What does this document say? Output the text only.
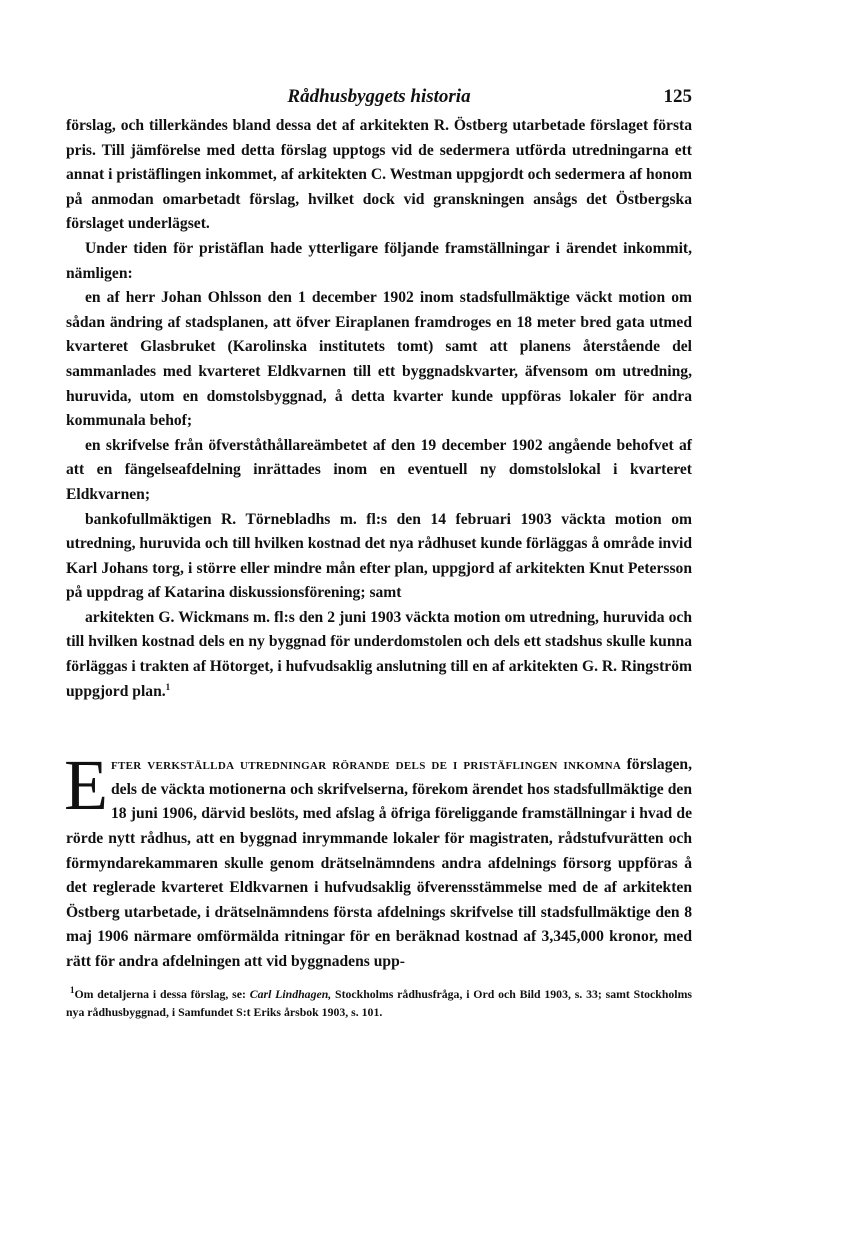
Rådhusbyggets historia	125

förslag, och tillerkändes bland dessa det af arkitekten R. Östberg utarbetade förslaget första pris. Till jämförelse med detta förslag upptogs vid de sedermera utförda utredningarna ett annat i pristäflingen inkommet, af arkitekten C. Westman uppgjordt och sedermera af honom på anmodan omarbetadt förslag, hvilket dock vid granskningen ansågs det Östbergska förslaget underlägset.

Under tiden för pristäflan hade ytterligare följande framställningar i ärendet inkommit, nämligen:

en af herr Johan Ohlsson den 1 december 1902 inom stadsfullmäktige väckt motion om sådan ändring af stadsplanen, att öfver Eiraplanen framdroges en 18 meter bred gata utmed kvarteret Glasbruket (Karolinska institutets tomt) samt att planens återstående del sammanlades med kvarteret Eldkvarnen till ett byggnadskvarter, äfvensom om utredning, huruvida, utom en domstolsbyggnad, å detta kvarter kunde uppföras lokaler för andra kommunala behof;

en skrifvelse från öfverståthållareämbetet af den 19 december 1902 angående behofvet af att en fängelseafdelning inrättades inom en eventuell ny domstolslokal i kvarteret Eldkvarnen;

bankofullmäktigen R. Törnebladhs m. fl:s den 14 februari 1903 väckta motion om utredning, huruvida och till hvilken kostnad det nya rådhuset kunde förläggas å område invid Karl Johans torg, i större eller mindre mån efter plan, uppgjord af arkitekten Knut Petersson på uppdrag af Katarina diskussionsförening; samt

arkitekten G. Wickmans m. fl:s den 2 juni 1903 väckta motion om utredning, huruvida och till hvilken kostnad dels en ny byggnad för underdomstolen och dels ett stadshus skulle kunna förläggas i trakten af Hötorget, i hufvudsaklig anslutning till en af arkitekten G. R. Ringström uppgjord plan.$^1$

Efter verkställda utredningar rörande dels de i pristäflingen inkomna förslagen, dels de väckta motionerna och skrifvelserna, förekom ärendet hos stadsfullmäktige den 18 juni 1906, därvid beslöts, med afslag å öfriga föreliggande framställningar i hvad de rörde nytt rådhus, att en byggnad inrymmande lokaler för magistraten, rådstufvurätten och förmyndarekammaren skulle genom drätselnämndens andra afdelnings försorg uppföras å det reglerade kvarteret Eldkvarnen i hufvudsaklig öfverensstämmelse med de af arkitekten Östberg utarbetade, i drätselnämndens första afdelnings skrifvelse till stadsfullmäktige den 8 maj 1906 närmare omförmälda ritningar för en beräknad kostnad af 3,345,000 kronor, med rätt för andra afdelningen att vid byggnadens upp-
$^1$Om detaljerna i dessa förslag, se: Carl Lindhagen, Stockholms rådhusfråga, i Ord och Bild 1903, s. 33; samt Stockholms nya rådhusbyggnad, i Samfundet S:t Eriks årsbok 1903, s. 101.
